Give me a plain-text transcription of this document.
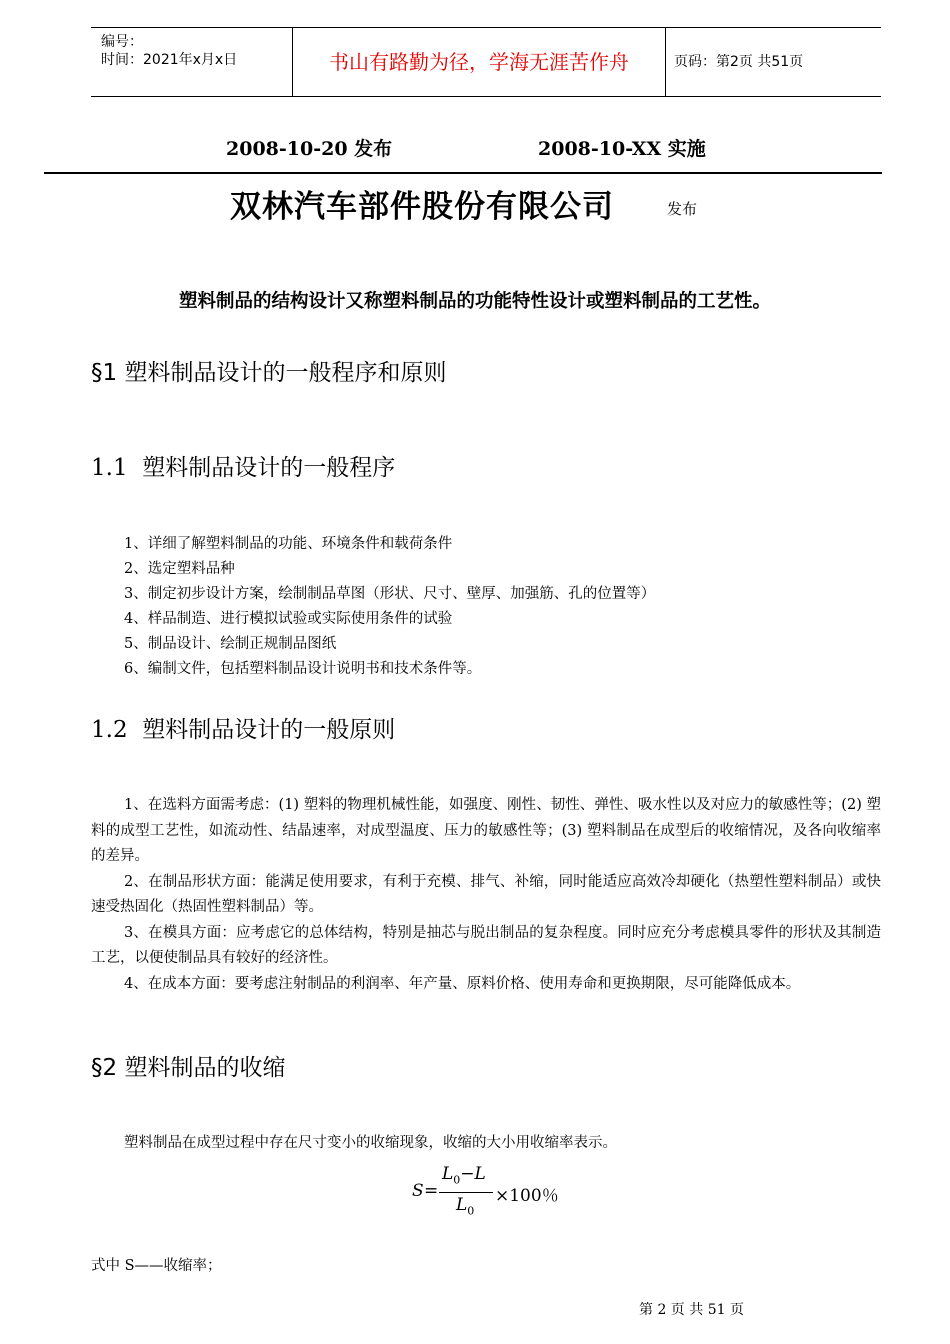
编号：
时间：2021年x月x日	书山有路勤为径，学海无涯苦作舟	页码：第2页 共51页
2008-10-20 发布	2008-10-XX 实施
双林汽车部件股份有限公司	发布
塑料制品的结构设计又称塑料制品的功能特性设计或塑料制品的工艺性。
§1 塑料制品设计的一般程序和原则
1.1 塑料制品设计的一般程序
1、详细了解塑料制品的功能、环境条件和载荷条件
2、选定塑料品种
3、制定初步设计方案，绘制制品草图（形状、尺寸、壁厚、加强筋、孔的位置等）
4、样品制造、进行模拟试验或实际使用条件的试验
5、制品设计、绘制正规制品图纸
6、编制文件，包括塑料制品设计说明书和技术条件等。
1.2 塑料制品设计的一般原则

1、在选料方面需考虑：(1) 塑料的物理机械性能，如强度、刚性、韧性、弹性、吸水性以及对应力的敏感性等；(2) 塑料的成型工艺性，如流动性、结晶速率，对成型温度、压力的敏感性等；(3) 塑料制品在成型后的收缩情况，及各向收缩率的差异。

2、在制品形状方面：能满足使用要求，有利于充模、排气、补缩，同时能适应高效冷却硬化（热塑性塑料制品）或快速受热固化（热固性塑料制品）等。

3、在模具方面：应考虑它的总体结构，特别是抽芯与脱出制品的复杂程度。同时应充分考虑模具零件的形状及其制造工艺，以便使制品具有较好的经济性。

4、在成本方面：要考虑注射制品的利润率、年产量、原料价格、使用寿命和更换期限，尽可能降低成本。

§2 塑料制品的收缩

塑料制品在成型过程中存在尺寸变小的收缩现象，收缩的大小用收缩率表示。

S =
$L_0-L$
$L_0$
×100％
式中 S——收缩率；
第 2 页 共 51 页
